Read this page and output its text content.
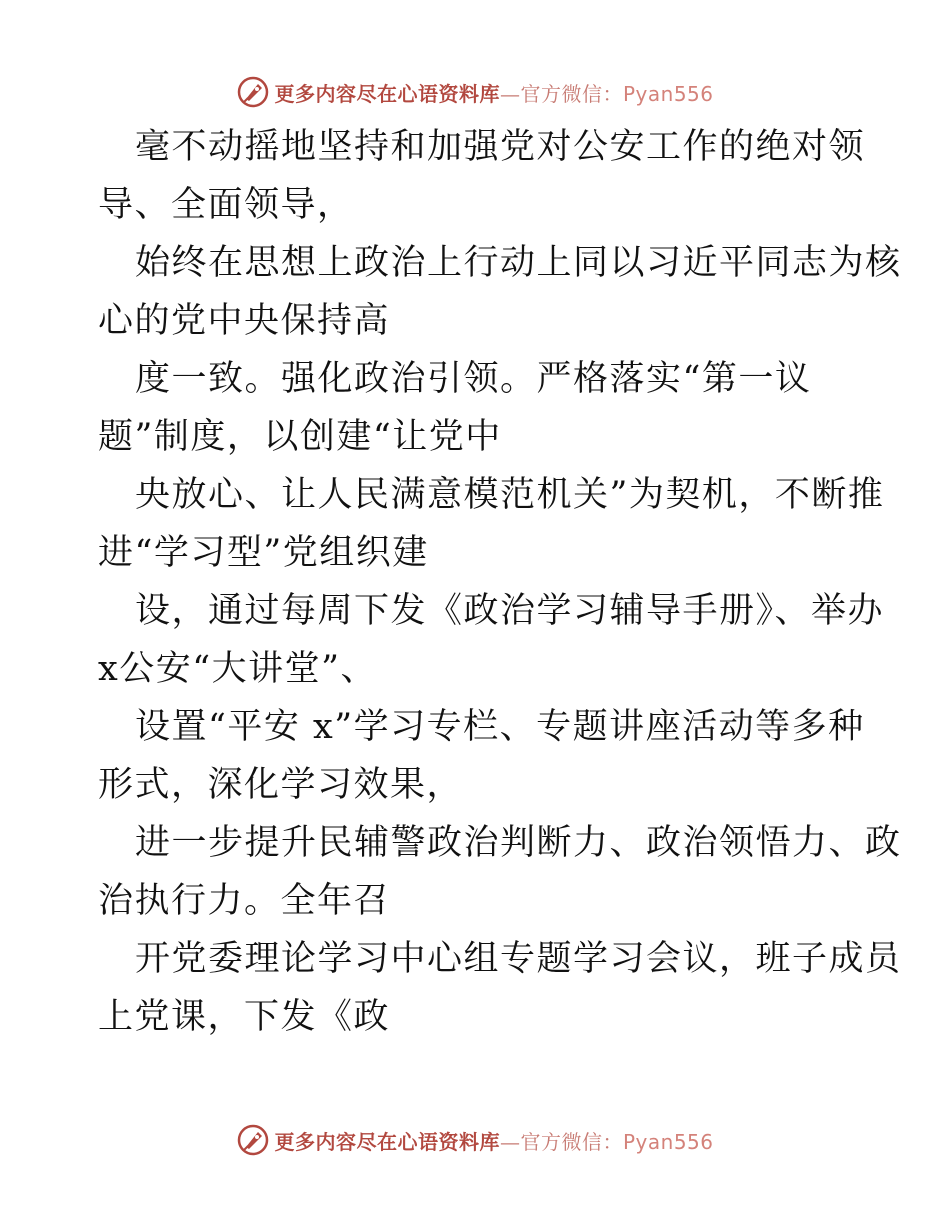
更多内容尽在心语资料库—官方微信：Pyan556
毫不动摇地坚持和加强党对公安工作的绝对领
导、全面领导，
始终在思想上政治上行动上同以习近平同志为核
心的党中央保持高
度一致。强化政治引领。严格落实“第一议
题”制度，以创建“让党中
央放心、让人民满意模范机关”为契机，不断推
进“学习型”党组织建
设，通过每周下发《政治学习辅导手册》、举办
x公安“大讲堂”、
设置“平安 x”学习专栏、专题讲座活动等多种
形式，深化学习效果，
进一步提升民辅警政治判断力、政治领悟力、政
治执行力。全年召
开党委理论学习中心组专题学习会议，班子成员
上党课，下发《政
更多内容尽在心语资料库—官方微信：Pyan556
